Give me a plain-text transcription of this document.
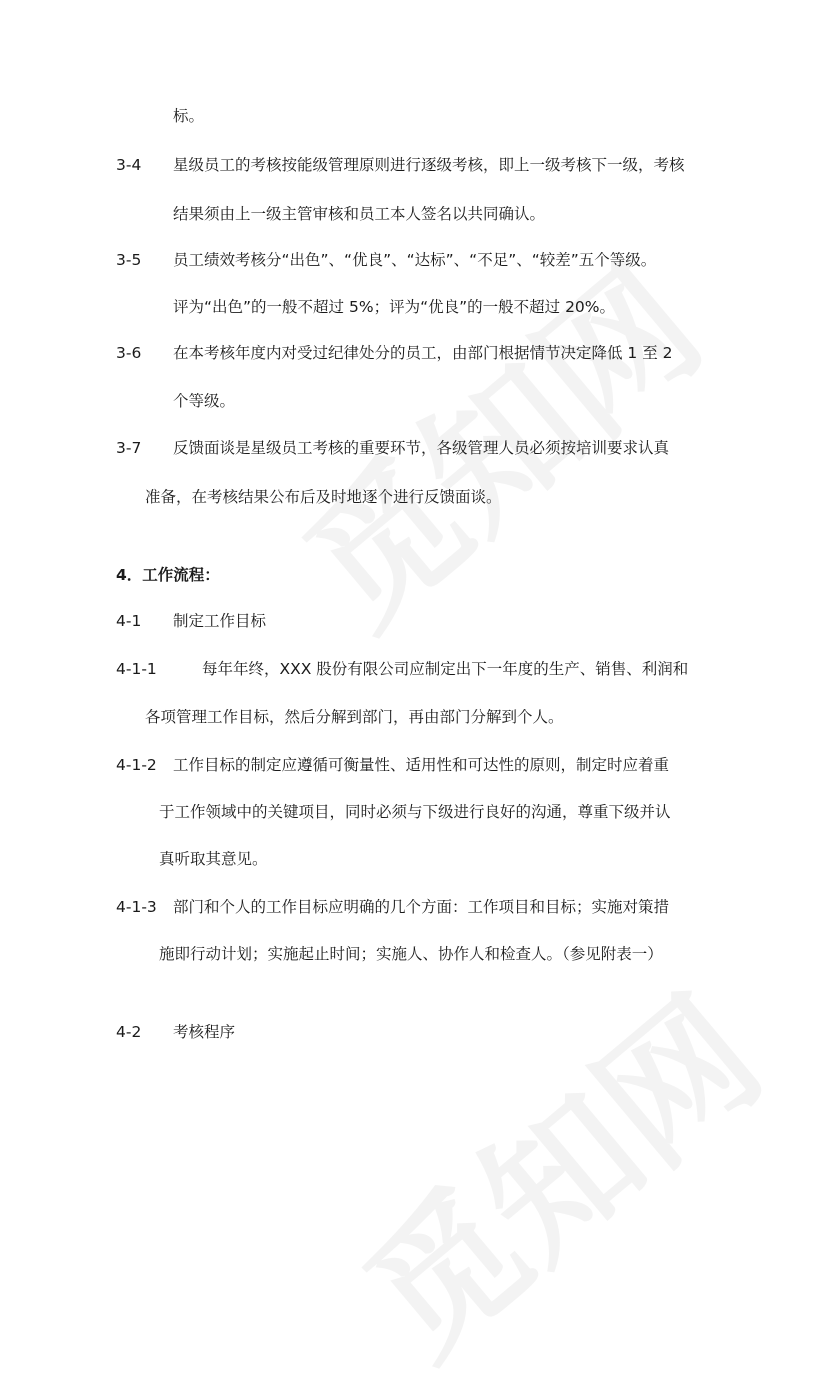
标。
3-4 星级员工的考核按能级管理原则进行逐级考核，即上一级考核下一级，考核
结果须由上一级主管审核和员工本人签名以共同确认。
3-5 员工绩效考核分“出色”、“优良”、“达标”、“不足”、“较差”五个等级。
评为“出色”的一般不超过 5%；评为“优良”的一般不超过 20%。
3-6 在本考核年度内对受过纪律处分的员工，由部门根据情节决定降低 1 至 2
个等级。
3-7 反馈面谈是星级员工考核的重要环节，各级管理人员必须按培训要求认真
准备，在考核结果公布后及时地逐个进行反馈面谈。
4．工作流程：
4-1 制定工作目标
4-1-1	每年年终，XXX 股份有限公司应制定出下一年度的生产、销售、利润和
各项管理工作目标，然后分解到部门，再由部门分解到个人。
4-1-2 工作目标的制定应遵循可衡量性、适用性和可达性的原则，制定时应着重
于工作领域中的关键项目，同时必须与下级进行良好的沟通，尊重下级并认
真听取其意见。
4-1-3 部门和个人的工作目标应明确的几个方面：工作项目和目标；实施对策措
施即行动计划；实施起止时间；实施人、协作人和检查人。（参见附表一）
4-2 考核程序
